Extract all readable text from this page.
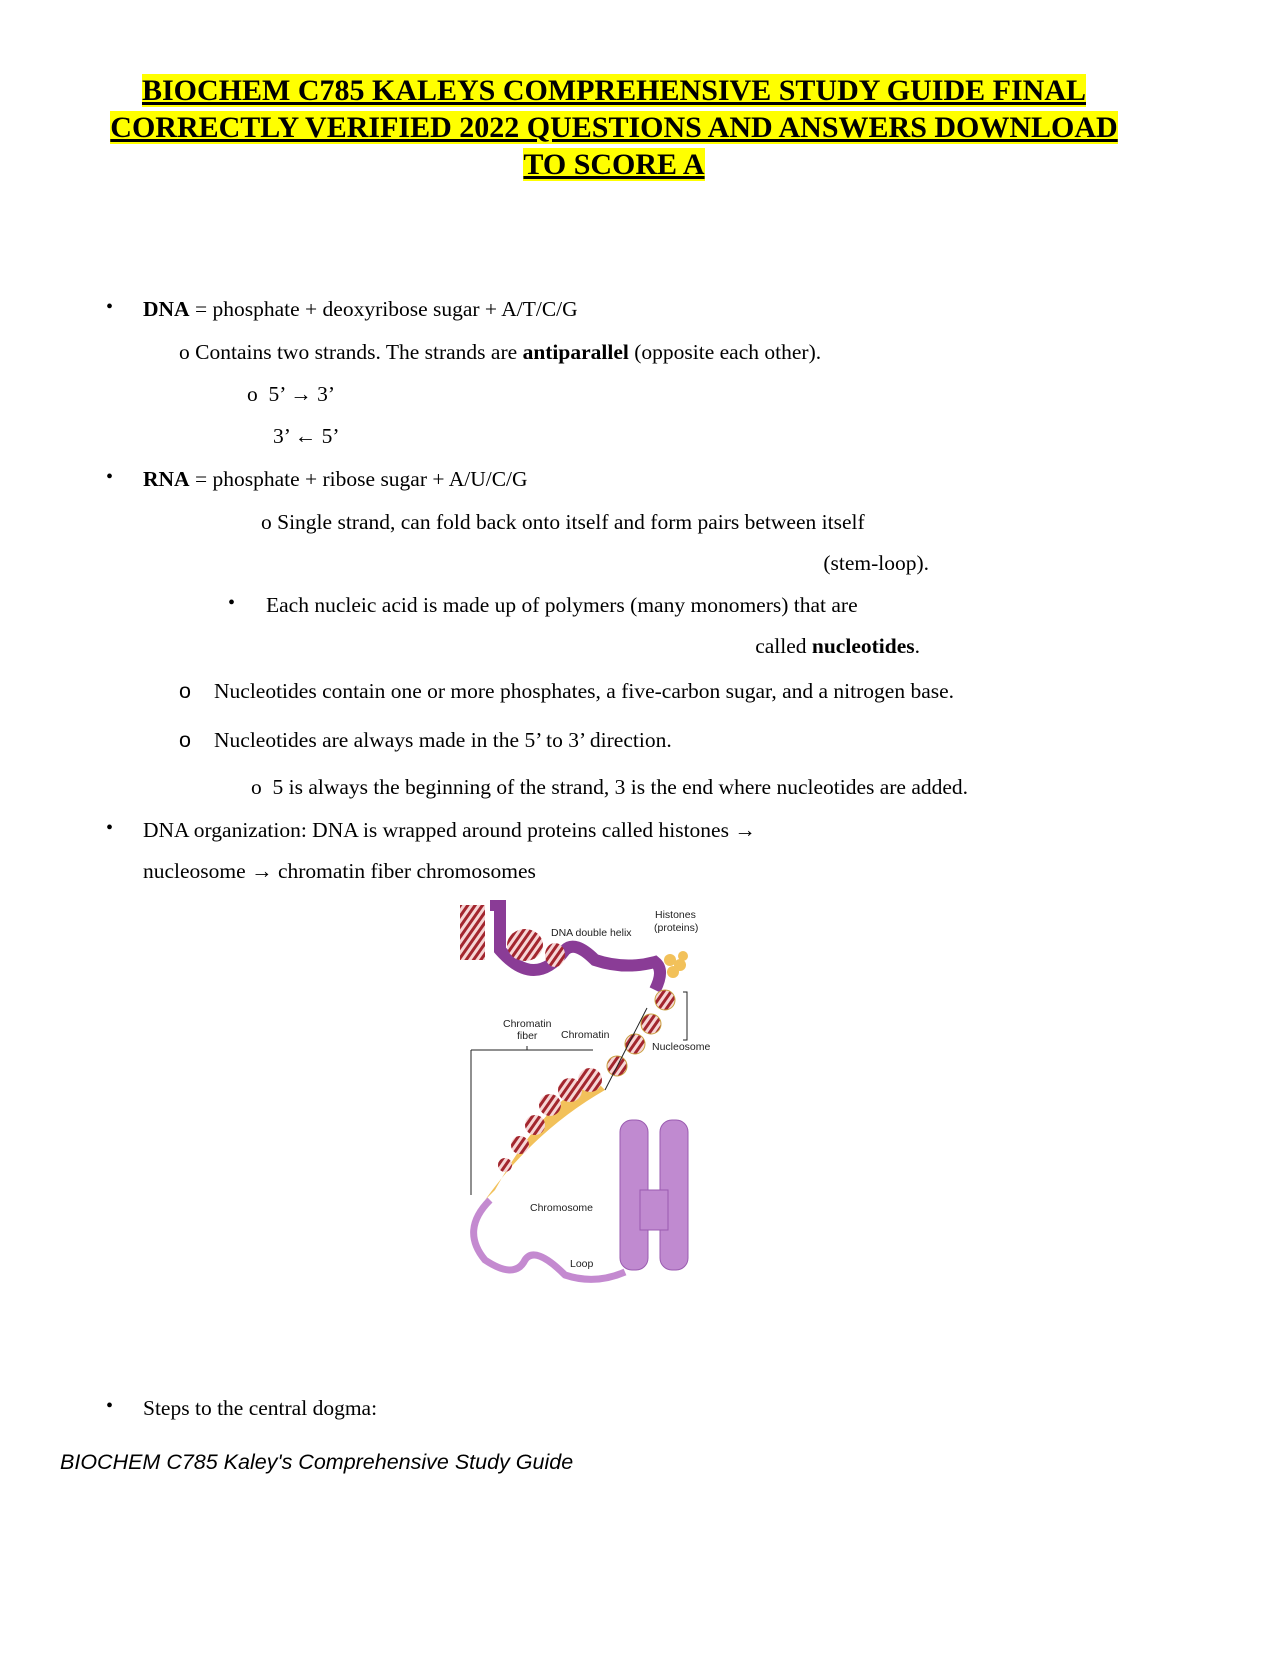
BIOCHEM C785 KALEYS COMPREHENSIVE STUDY GUIDE FINAL
CORRECTLY VERIFIED 2022 QUESTIONS AND ANSWERS DOWNLOAD
TO SCORE A
• DNA = phosphate + deoxyribose sugar + A/T/C/G
o Contains two strands. The strands are antiparallel (opposite each other).
o 5’ → 3’
3’ ← 5’
• RNA = phosphate + ribose sugar + A/U/C/G
o Single strand, can fold back onto itself and form pairs between itself
(stem-loop).
• Each nucleic acid is made up of polymers (many monomers) that are
called nucleotides.
o Nucleotides contain one or more phosphates, a five-carbon sugar, and a nitrogen base.
o Nucleotides are always made in the 5’ to 3’ direction.
o 5 is always the beginning of the strand, 3 is the end where nucleotides are added.
• DNA organization: DNA is wrapped around proteins called histones →
nucleosome → chromatin fiber chromosomes
DNA double helix
Histones
(proteins)
Chromatin
fiber Chromatin
Nucleosome
Chromosome
Loop
• Steps to the central dogma:
BIOCHEM C785 Kaley's Comprehensive Study Guide
